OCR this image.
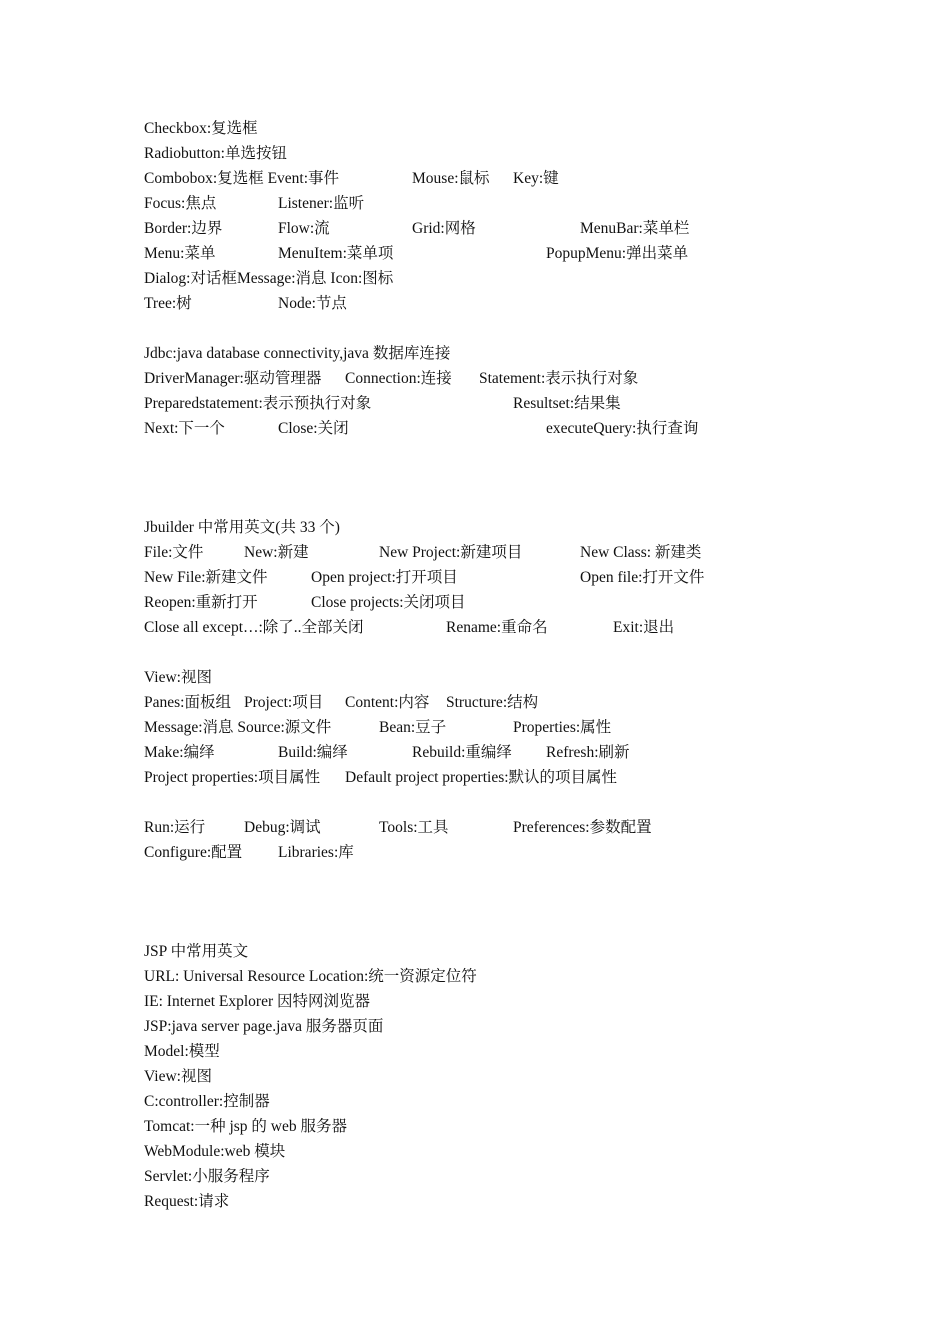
Checkbox:复选框
Radiobutton:单选按钮
Combobox:复选框 Event:事件	Mouse:鼠标 Key:键
Focus:焦点	Listener:监听
Border:边界	Flow:流	Grid:网格	MenuBar:菜单栏
Menu:菜单	MenuItem:菜单项	PopupMenu:弹出菜单
Dialog:对话框Message:消息 Icon:图标
Tree:树	Node:节点
Jdbc:java database connectivity,java 数据库连接
DriverManager:驱动管理器 Connection:连接 Statement:表示执行对象
Preparedstatement:表示预执行对象	Resultset:结果集
Next:下一个	Close:关闭	executeQuery:执行查询
Jbuilder 中常用英文(共 33 个)
File:文件	New:新建	New Project:新建项目	New Class: 新建类
New File:新建文件	Open project:打开项目	Open file:打开文件
Reopen:重新打开	Close projects:关闭项目
Close all except…:除了..全部关闭	Rename:重命名	Exit:退出
View:视图
Panes:面板组 Project:项目 Content:内容 Structure:结构
Message:消息 Source:源文件	Bean:豆子	Properties:属性
Make:编绎	Build:编绎	Rebuild:重编绎 Refresh:刷新
Project properties:项目属性 Default project properties:默认的项目属性
Run:运行	Debug:调试	Tools:工具	Preferences:参数配置
Configure:配置 Libraries:库
JSP 中常用英文
URL: Universal Resource Location:统一资源定位符
IE: Internet Explorer 因特网浏览器
JSP:java server page.java 服务器页面
Model:模型
View:视图
C:controller:控制器
Tomcat:一种 jsp 的 web 服务器
WebModule:web 模块
Servlet:小服务程序
Request:请求
